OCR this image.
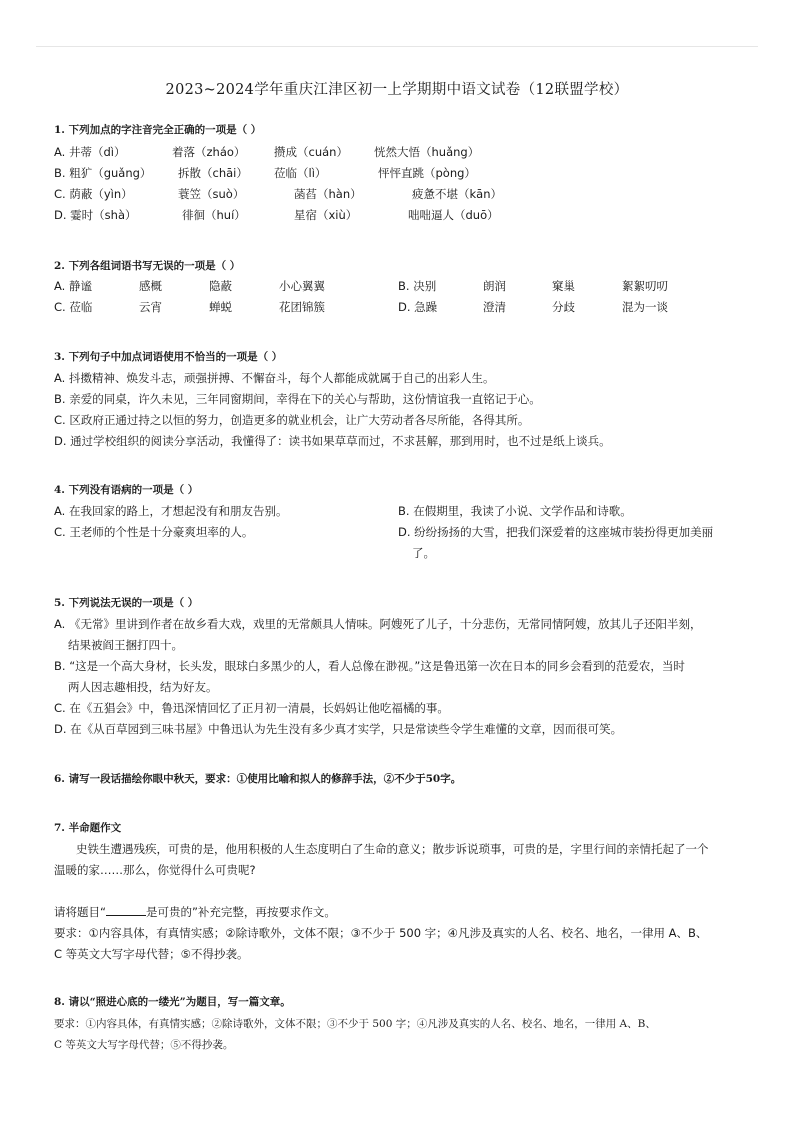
2023~2024学年重庆江津区初一上学期期中语文试卷（12联盟学校）
1. 下列加点的字注音完全正确的一项是（ ）
A. 井蒂（dì）	着落（zháo） 攒成（cuán） 恍然大悟（huǎng）
B. 粗犷（guǎng） 拆散（chāi） 莅临（lì）	怦怦直跳（pòng）
C. 荫蔽（yìn）	蓑笠（suò）	菡萏（hàn）	疲惫不堪（kān）
D. 霎时（shà）	徘徊（huí）	星宿（xiù）	咄咄逼人（duō）
2. 下列各组词语书写无误的一项是（ ）
A. 静谧	感概	隐蔽	小心翼翼	B. 决别	朗润	窠巢	絮絮叨叨
C. 莅临	云宵	蝉蜕	花团锦簇	D. 急躁	澄清	分歧	混为一谈
3. 下列句子中加点词语使用不恰当的一项是（ ）
A. 抖擞精神、焕发斗志，顽强拼搏、不懈奋斗，每个人都能成就属于自己的出彩人生。
B. 亲爱的同桌，许久未见，三年同窗期间，幸得在下的关心与帮助，这份情谊我一直铭记于心。
C. 区政府正通过持之以恒的努力，创造更多的就业机会，让广大劳动者各尽所能，各得其所。
D. 通过学校组织的阅读分享活动，我懂得了：读书如果草草而过，不求甚解，那到用时，也不过是纸上谈兵。
4. 下列没有语病的一项是（ ）
A. 在我回家的路上，才想起没有和朋友告别。	B. 在假期里，我读了小说、文学作品和诗歌。
C. 王老师的个性是十分豪爽坦率的人。	D. 纷纷扬扬的大雪，把我们深爱着的这座城市装扮得更加美丽
了。
5. 下列说法无误的一项是（ ）
A. 《无常》里讲到作者在故乡看大戏，戏里的无常颇具人情味。阿嫂死了儿子，十分悲伤，无常同情阿嫂，放其儿子还阳半刻，
结果被阎王捆打四十。
B. “这是一个高大身材，长头发，眼球白多黑少的人，看人总像在渺视。”这是鲁迅第一次在日本的同乡会看到的范爱农，当时
两人因志趣相投，结为好友。
C. 在《五猖会》中，鲁迅深情回忆了正月初一清晨，长妈妈让他吃福橘的事。
D. 在《从百草园到三味书屋》中鲁迅认为先生没有多少真才实学，只是常读些令学生难懂的文章，因而很可笑。
6. 请写一段话描绘你眼中秋天，要求：①使用比喻和拟人的修辞手法，②不少于50字。
7. 半命题作文
史铁生遭遇残疾，可贵的是，他用积极的人生态度明白了生命的意义；散步诉说琐事，可贵的是，字里行间的亲情托起了一个
温暖的家……那么，你觉得什么可贵呢?
请将题目“	是可贵的”补充完整，再按要求作文。
要求：①内容具体，有真情实感；②除诗歌外，文体不限；③不少于 500 字；④凡涉及真实的人名、校名、地名，一律用 A、B、
C 等英文大写字母代替；⑤不得抄袭。
8. 请以“照进心底的一缕光”为题目，写一篇文章。
要求：①内容具体，有真情实感；②除诗歌外，文体不限；③不少于 500 字；④凡涉及真实的人名、校名、地名，一律用 A、B、
C 等英文大写字母代替；⑤不得抄袭。
